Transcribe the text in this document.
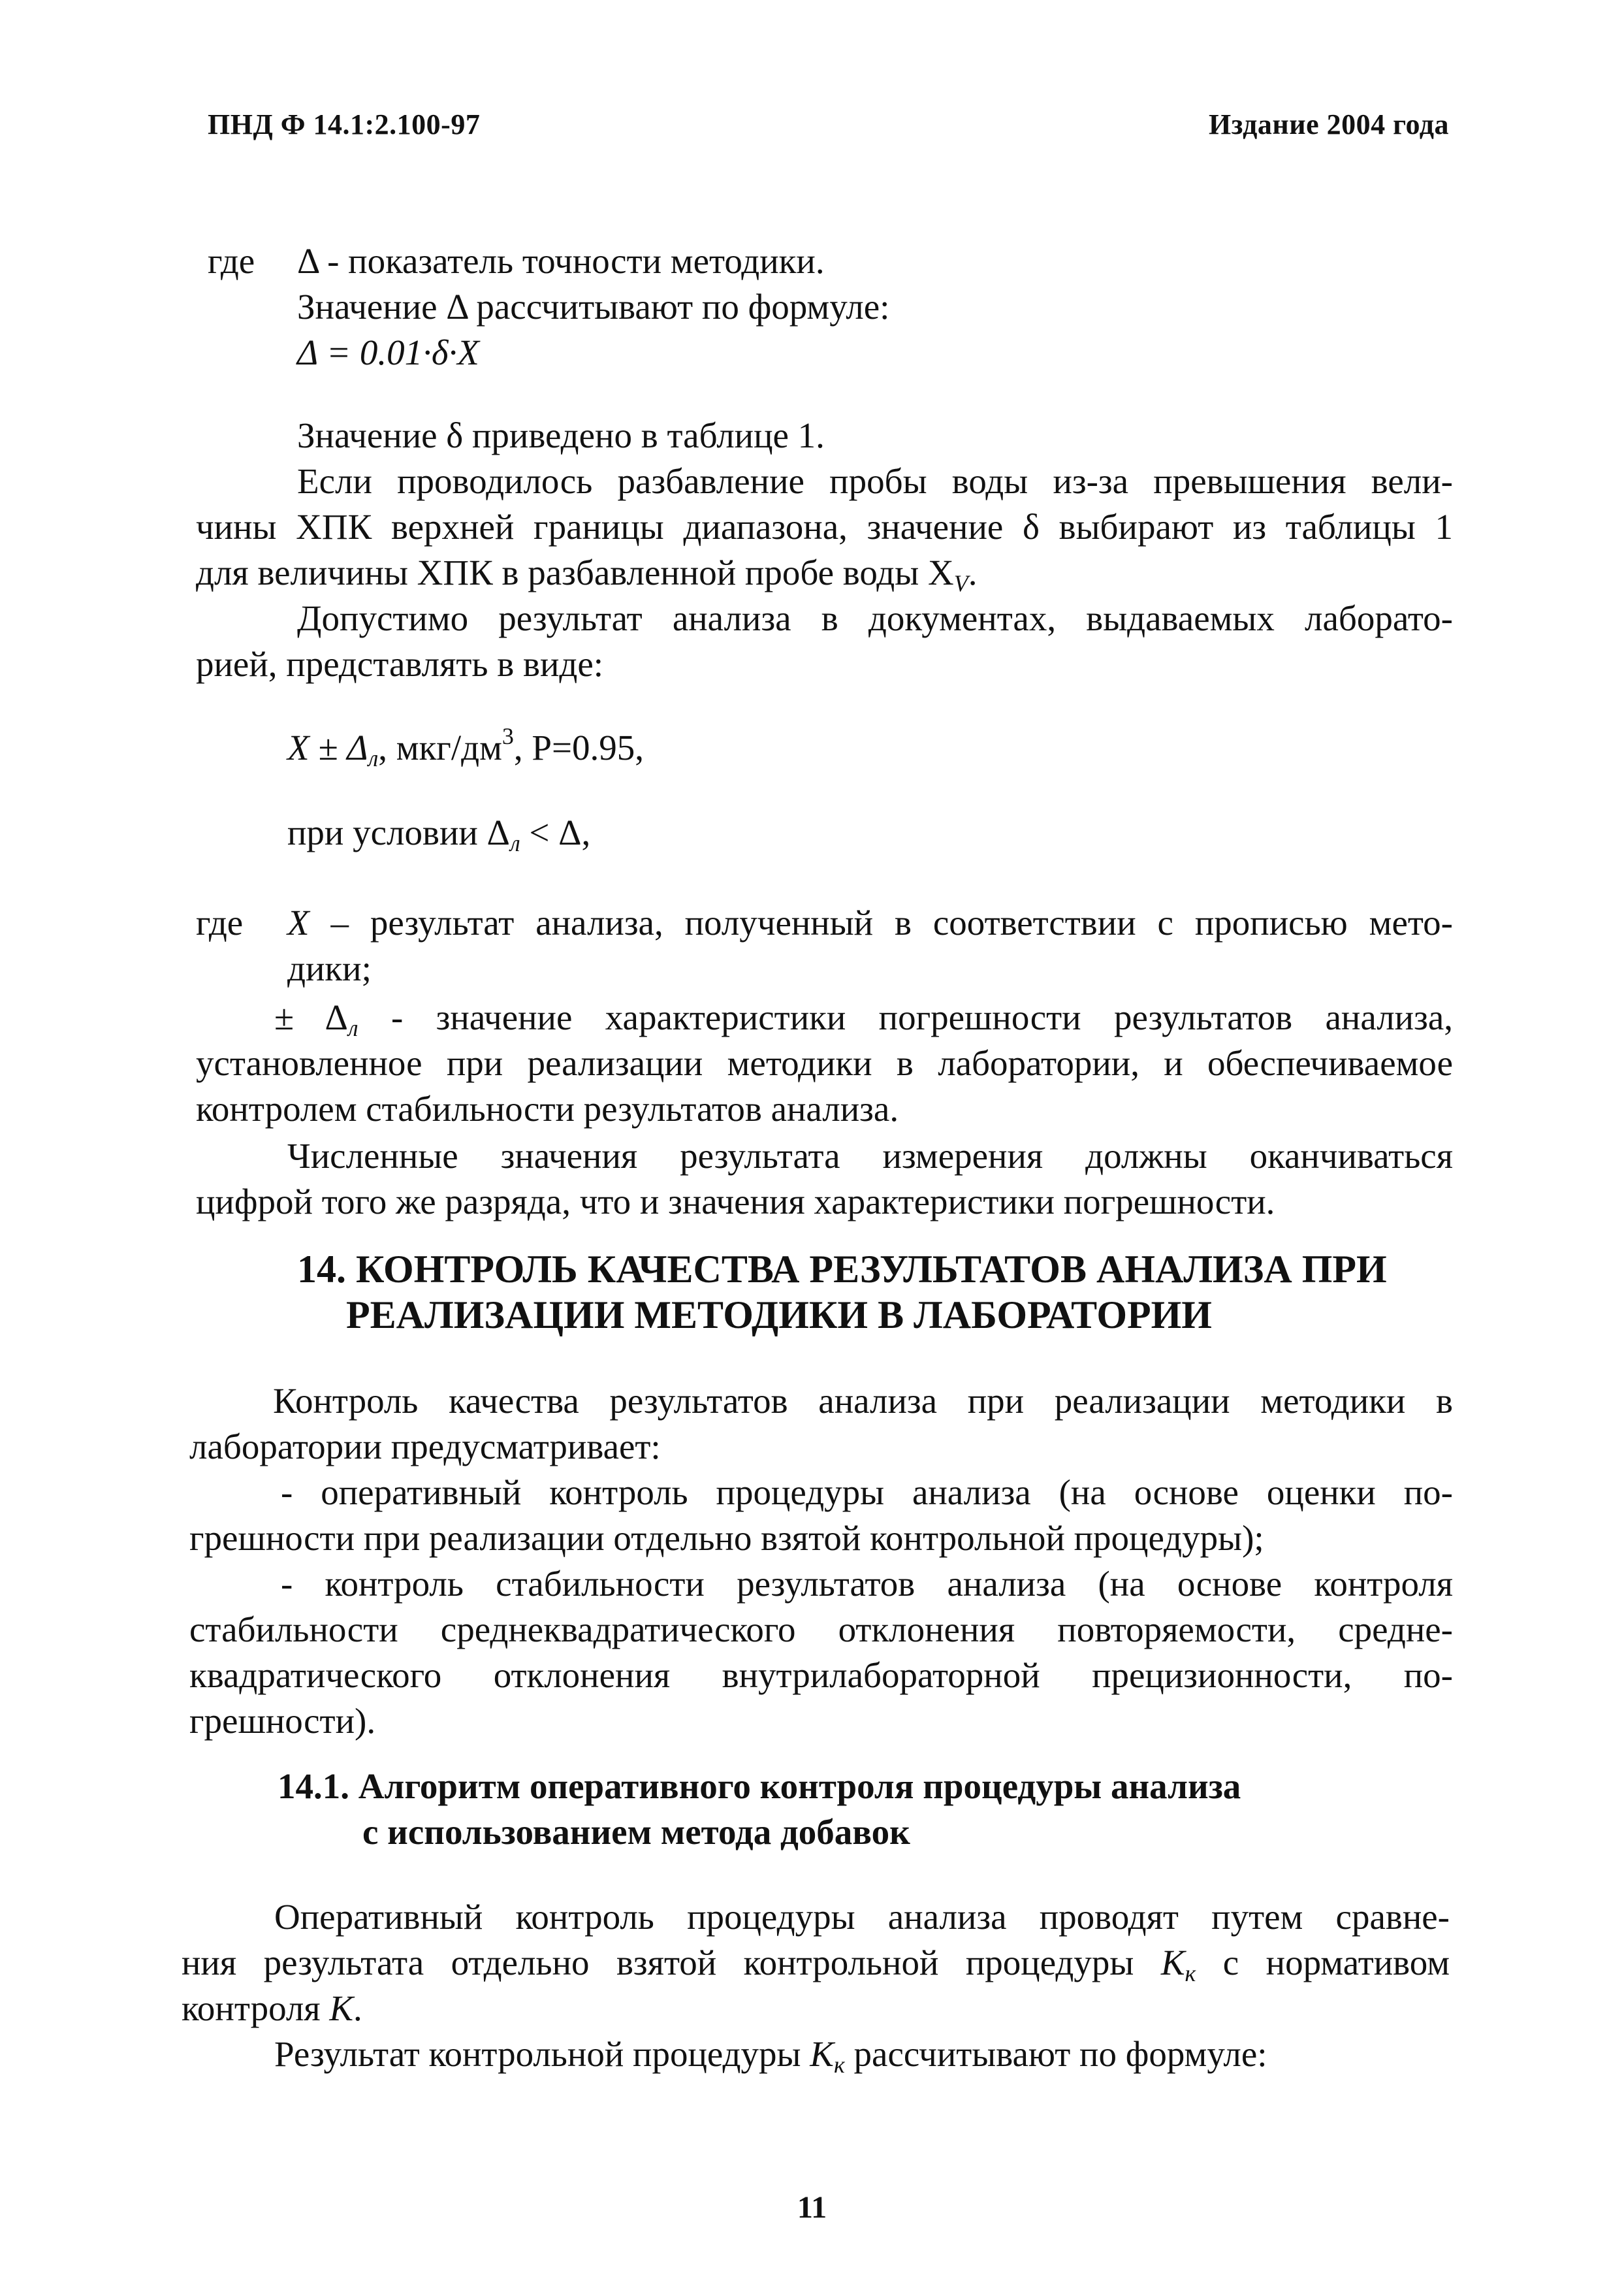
ПНД Ф 14.1:2.100-97	Издание 2004 года
где Δ - показатель точности методики.
Значение Δ рассчитывают по формуле:
Δ = 0.01·δ·X
Значение δ приведено в таблице 1.
Если проводилось разбавление пробы воды из-за превышения вели-
чины ХПК верхней границы диапазона, значение δ выбирают из таблицы 1
для величины ХПК в разбавленной пробе воды $X_V$.
Допустимо результат анализа в документах, выдаваемых лаборато-
рией, представлять в виде:
$X \pm \Delta_л$, мкг/$дм^3$, P=0.95,
при условии $\Delta_л < \Delta$,
где X – результат анализа, полученный в соответствии с прописью мето-
дики;
± $\Delta_л$ - значение характеристики погрешности результатов анализа,
установленное при реализации методики в лаборатории, и обеспечиваемое
контролем стабильности результатов анализа.
Численные значения результата измерения должны оканчиваться
цифрой того же разряда, что и значения характеристики погрешности.
14. КОНТРОЛЬ КАЧЕСТВА РЕЗУЛЬТАТОВ АНАЛИЗА ПРИ
РЕАЛИЗАЦИИ МЕТОДИКИ В ЛАБОРАТОРИИ
Контроль качества результатов анализа при реализации методики в
лаборатории предусматривает:
- оперативный контроль процедуры анализа (на основе оценки по-
грешности при реализации отдельно взятой контрольной процедуры);
- контроль стабильности результатов анализа (на основе контроля
стабильности среднеквадратического отклонения повторяемости, средне-
квадратического отклонения внутрилабораторной прецизионности, по-
грешности).
14.1. Алгоритм оперативного контроля процедуры анализа
с использованием метода добавок
Оперативный контроль процедуры анализа проводят путем сравне-
ния результата отдельно взятой контрольной процедуры $K_к$ с нормативом
контроля K.
Результат контрольной процедуры $K_к$ рассчитывают по формуле:
11
